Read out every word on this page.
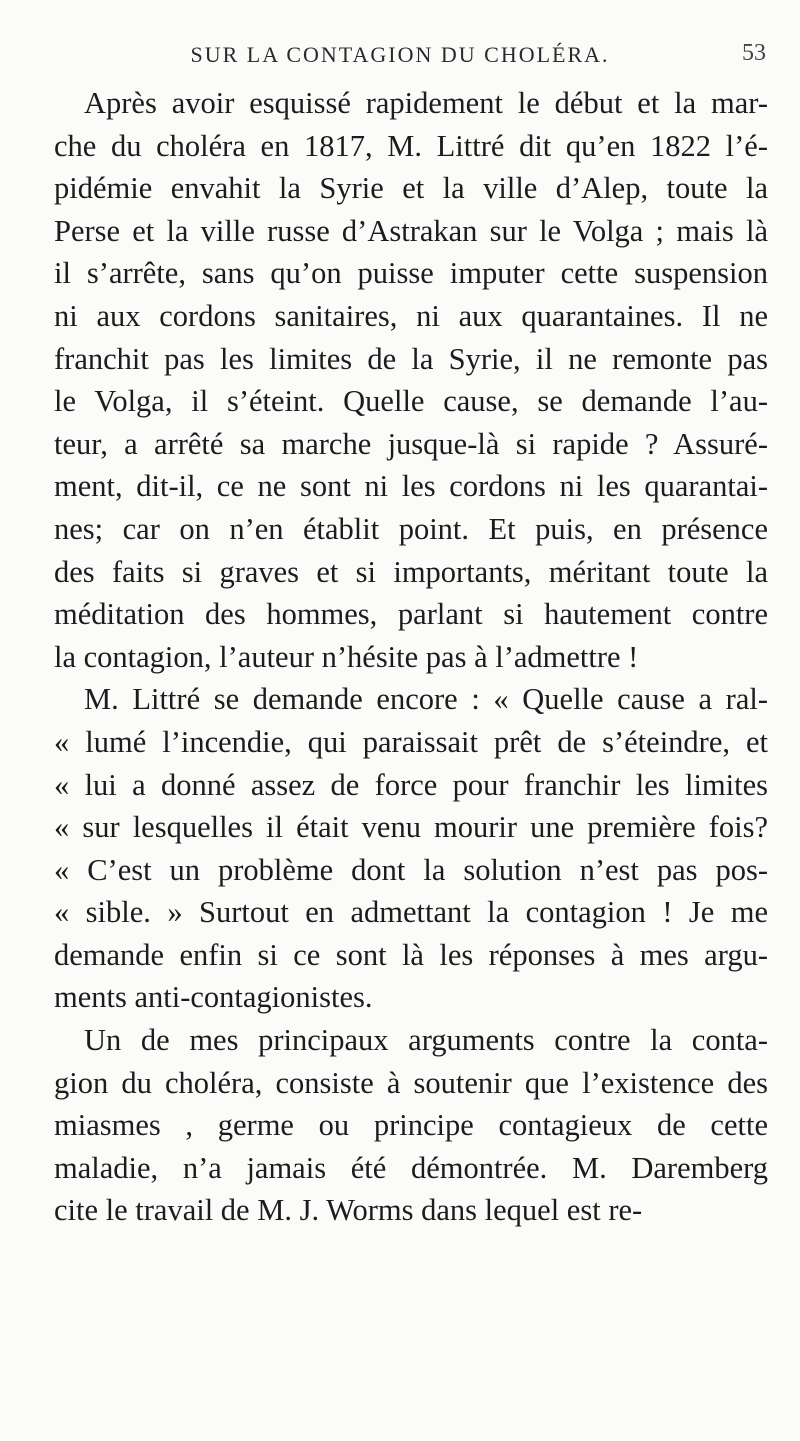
SUR LA CONTAGION DU CHOLÉRA.	53
Après avoir esquissé rapidement le début et la mar-
che du choléra en 1817, M. Littré dit qu’en 1822 l’é-
pidémie envahit la Syrie et la ville d’Alep, toute la
Perse et la ville russe d’Astrakan sur le Volga ; mais là
il s’arrête, sans qu’on puisse imputer cette suspension
ni aux cordons sanitaires, ni aux quarantaines. Il ne
franchit pas les limites de la Syrie, il ne remonte pas
le Volga, il s’éteint. Quelle cause, se demande l’au-
teur, a arrêté sa marche jusque-là si rapide ? Assuré-
ment, dit-il, ce ne sont ni les cordons ni les quarantai-
nes; car on n’en établit point. Et puis, en présence
des faits si graves et si importants, méritant toute la
méditation des hommes, parlant si hautement contre
la contagion, l’auteur n’hésite pas à l’admettre !
M. Littré se demande encore : « Quelle cause a ral-
« lumé l’incendie, qui paraissait prêt de s’éteindre, et
« lui a donné assez de force pour franchir les limites
« sur lesquelles il était venu mourir une première fois?
« C’est un problème dont la solution n’est pas pos-
« sible. » Surtout en admettant la contagion ! Je me
demande enfin si ce sont là les réponses à mes argu-
ments anti-contagionistes.
Un de mes principaux arguments contre la conta-
gion du choléra, consiste à soutenir que l’existence des
miasmes , germe ou principe contagieux de cette
maladie, n’a jamais été démontrée. M. Daremberg
cite le travail de M. J. Worms dans lequel est re-
